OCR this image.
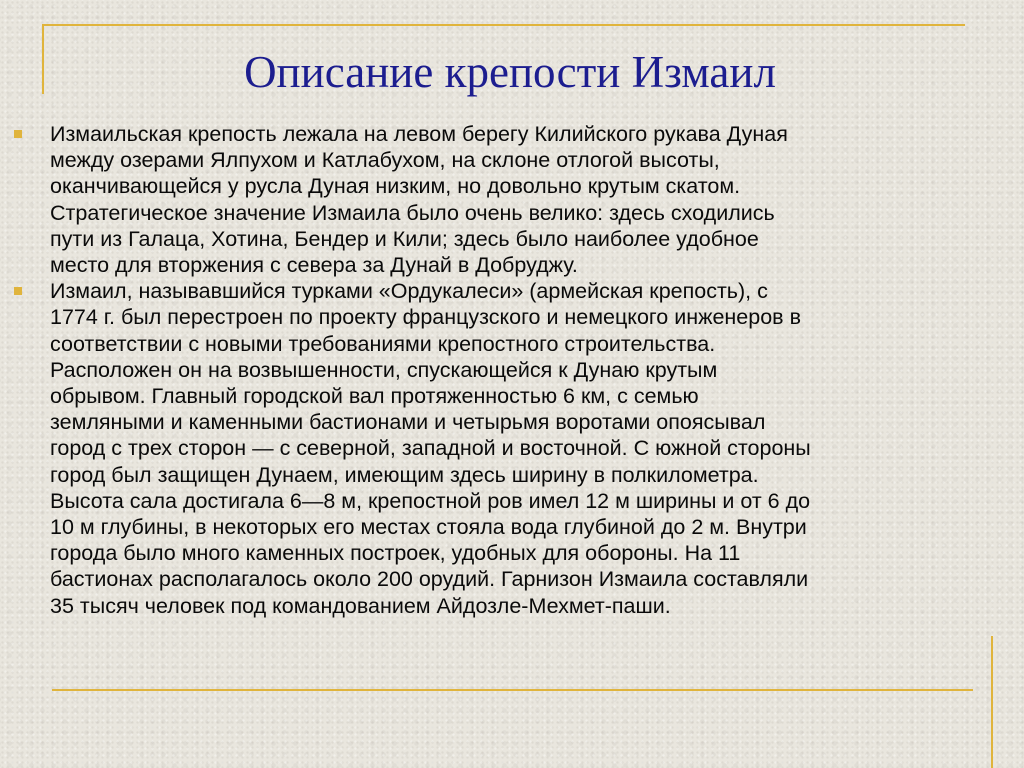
Описание крепости Измаил
Измаильская крепость лежала на левом берегу Килийского рукава Дуная
между озерами Ялпухом и Катлабухом, на склоне отлогой высоты,
оканчивающейся у русла Дуная низким, но довольно крутым скатом.
Стратегическое значение Измаила было очень велико: здесь сходились
пути из Галаца, Хотина, Бендер и Кили; здесь было наиболее удобное
место для вторжения с севера за Дунай в Добруджу.
Измаил, называвшийся турками «Ордукалеси» (армейская крепость), с
1774 г. был перестроен по проекту французского и немецкого инженеров в
соответствии с новыми требованиями крепостного строительства.
Расположен он на возвышенности, спускающейся к Дунаю крутым
обрывом. Главный городской вал протяженностью 6 км, с семью
земляными и каменными бастионами и четырьмя воротами опоясывал
город с трех сторон — с северной, западной и восточной. С южной стороны
город был защищен Дунаем, имеющим здесь ширину в полкилометра.
Высота сала достигала 6—8 м, крепостной ров имел 12 м ширины и от 6 до
10 м глубины, в некоторых его местах стояла вода глубиной до 2 м. Внутри
города было много каменных построек, удобных для обороны. На 11
бастионах располагалось около 200 орудий. Гарнизон Измаила составляли
35 тысяч человек под командованием Айдозле-Мехмет-паши.
